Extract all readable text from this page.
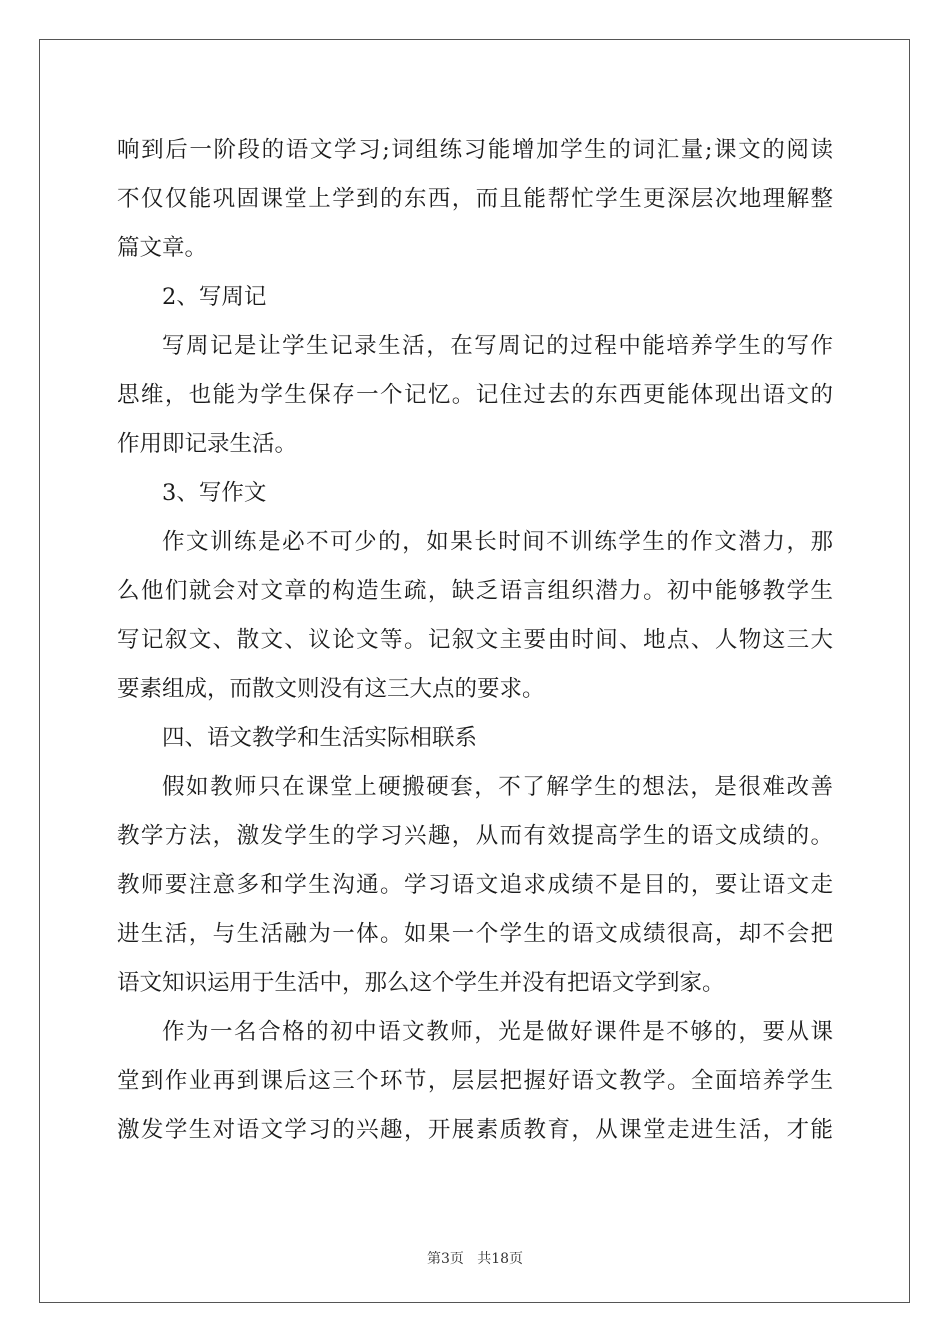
响到后一阶段的语文学习;词组练习能增加学生的词汇量;课文的阅读
不仅仅能巩固课堂上学到的东西，而且能帮忙学生更深层次地理解整
篇文章。
2、写周记
写周记是让学生记录生活，在写周记的过程中能培养学生的写作
思维，也能为学生保存一个记忆。记住过去的东西更能体现出语文的
作用即记录生活。
3、写作文
作文训练是必不可少的，如果长时间不训练学生的作文潜力，那
么他们就会对文章的构造生疏，缺乏语言组织潜力。初中能够教学生
写记叙文、散文、议论文等。记叙文主要由时间、地点、人物这三大
要素组成，而散文则没有这三大点的要求。
四、语文教学和生活实际相联系
假如教师只在课堂上硬搬硬套，不了解学生的想法，是很难改善
教学方法，激发学生的学习兴趣，从而有效提高学生的语文成绩的。
教师要注意多和学生沟通。学习语文追求成绩不是目的，要让语文走
进生活，与生活融为一体。如果一个学生的语文成绩很高，却不会把
语文知识运用于生活中，那么这个学生并没有把语文学到家。
作为一名合格的初中语文教师，光是做好课件是不够的，要从课
堂到作业再到课后这三个环节，层层把握好语文教学。全面培养学生
激发学生对语文学习的兴趣，开展素质教育，从课堂走进生活，才能
第3页   共18页
